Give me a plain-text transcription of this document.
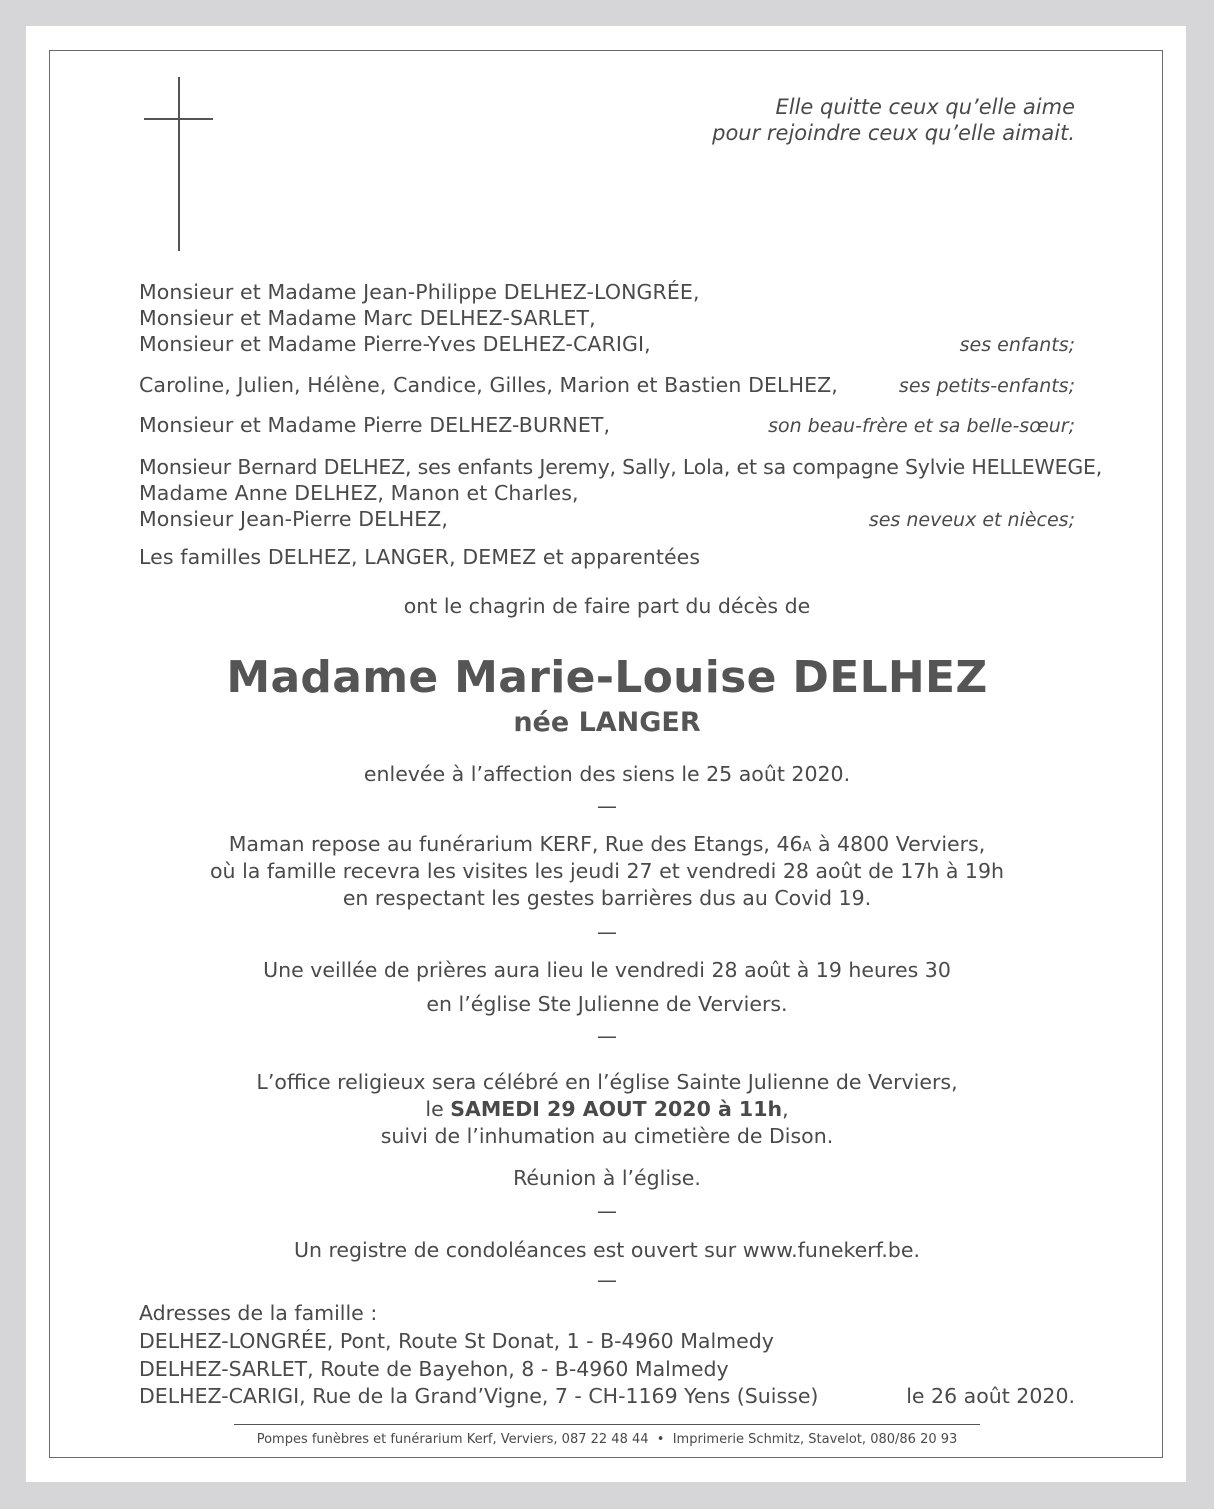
Elle quitte ceux qu’elle aime
pour rejoindre ceux qu’elle aimait.
Monsieur et Madame Jean-Philippe DELHEZ-LONGRÉE,
Monsieur et Madame Marc DELHEZ-SARLET,
Monsieur et Madame Pierre-Yves DELHEZ-CARIGI,	ses enfants;
Caroline, Julien, Hélène, Candice, Gilles, Marion et Bastien DELHEZ,	ses petits-enfants;
Monsieur et Madame Pierre DELHEZ-BURNET,	son beau-frère et sa belle-sœur;
Monsieur Bernard DELHEZ, ses enfants Jeremy, Sally, Lola, et sa compagne Sylvie HELLEWEGE,
Madame Anne DELHEZ, Manon et Charles,
Monsieur Jean-Pierre DELHEZ,	ses neveux et nièces;
Les familles DELHEZ, LANGER, DEMEZ et apparentées
ont le chagrin de faire part du décès de
Madame Marie-Louise DELHEZ
née LANGER
enlevée à l’affection des siens le 25 août 2020.
—
Maman repose au funérarium KERF, Rue des Etangs, 46A à 4800 Verviers,
où la famille recevra les visites les jeudi 27 et vendredi 28 août de 17h à 19h
en respectant les gestes barrières dus au Covid 19.
—
Une veillée de prières aura lieu le vendredi 28 août à 19 heures 30
en l’église Ste Julienne de Verviers.
—
L’office religieux sera célébré en l’église Sainte Julienne de Verviers,
le SAMEDI 29 AOUT 2020 à 11h,
suivi de l’inhumation au cimetière de Dison.
Réunion à l’église.
—
Un registre de condoléances est ouvert sur www.funekerf.be.
—
Adresses de la famille :
DELHEZ-LONGRÉE, Pont, Route St Donat, 1 - B-4960 Malmedy
DELHEZ-SARLET, Route de Bayehon, 8 - B-4960 Malmedy
DELHEZ-CARIGI, Rue de la Grand’Vigne, 7 - CH-1169 Yens (Suisse)	le 26 août 2020.
Pompes funèbres et funérarium Kerf, Verviers, 087 22 48 44  •  Imprimerie Schmitz, Stavelot, 080/86 20 93
